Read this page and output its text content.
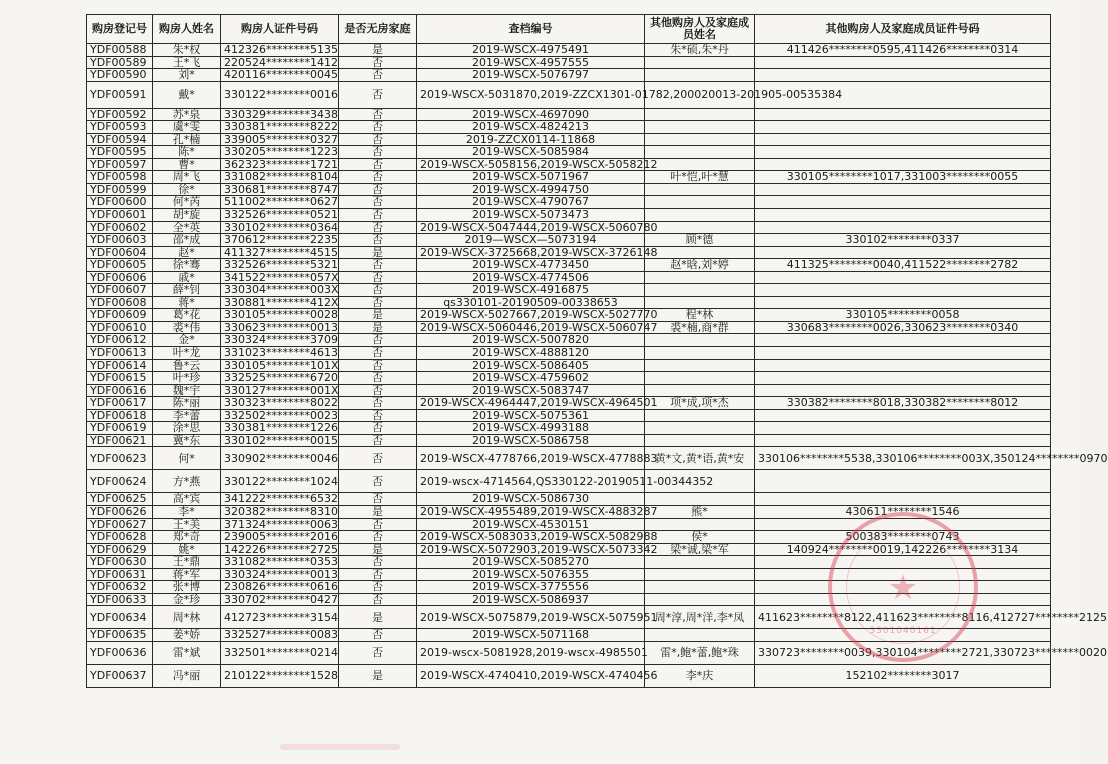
购房登记号	购房人姓名	购房人证件号码	是否无房家庭	查档编号	其他购房人及家庭成员姓名	其他购房人及家庭成员证件号码
YDF00588	朱*权	412326********5135	是	2019-WSCX-4975491	朱*硕,朱*丹	411426********0595,411426********0314
YDF00589	王*飞	220524********1412	否	2019-WSCX-4957555		
YDF00590	刘*	420116********0045	否	2019-WSCX-5076797		
YDF00591	戴*	330122********0016	否	2019-WSCX-5031870,2019-ZZCX1301-01782,200020013-201905-00535384		
YDF00592	苏*泉	330329********3438	否	2019-WSCX-4697090		
YDF00593	虞*雯	330381********8222	否	2019-WSCX-4824213		
YDF00594	孔*楠	339005********0327	否	2019-ZZCX0114-11868		
YDF00595	陈*	330205********1223	否	2019-WSCX-5085984		
YDF00597	曹*	362323********1721	否	2019-WSCX-5058156,2019-WSCX-5058212		
YDF00598	周*飞	331082********8104	否	2019-WSCX-5071967	叶*恺,叶*慧	330105********1017,331003********0055
YDF00599	徐*	330681********8747	否	2019-WSCX-4994750		
YDF00600	何*芮	511002********0627	否	2019-WSCX-4790767		
YDF00601	胡*旋	332526********0521	否	2019-WSCX-5073473		
YDF00602	全*英	330102********0364	否	2019-WSCX-5047444,2019-WSCX-5060780		
YDF00603	邵*成	370612********2235	否	2019—WSCX—5073194	顾*德	330102********0337
YDF00604	赵*	411327********4515	是	2019-WSCX-3725668,2019-WSCX-3726148		
YDF00605	徐*骞	332526********5321	否	2019-WSCX-4773450	赵*晗,刘*婷	411325********0040,411522********2782
YDF00606	戚*	341522********057X	否	2019-WSCX-4774506		
YDF00607	薛*钊	330304********003X	否	2019-WSCX-4916875		
YDF00608	蒋*	330881********412X	否	qs330101-20190509-00338653		
YDF00609	葛*花	330105********0028	是	2019-WSCX-5027667,2019-WSCX-5027770	程*林	330105********0058
YDF00610	裘*伟	330623********0013	是	2019-WSCX-5060446,2019-WSCX-5060747	裘*楠,商*群	330683********0026,330623********0340
YDF00612	金*	330324********3709	否	2019-WSCX-5007820		
YDF00613	叶*龙	331023********4613	否	2019-WSCX-4888120		
YDF00614	鲁*云	330105********101X	否	2019-WSCX-5086405		
YDF00615	叶*珍	332525********6720	否	2019-WSCX-4759602		
YDF00616	魏*宇	330127********001X	否	2019-WSCX-5083747		
YDF00617	陈*丽	330323********8022	否	2019-WSCX-4964447,2019-WSCX-4964501	项*成,项*杰	330382********8018,330382********8012
YDF00618	李*蕾	332502********0023	否	2019-WSCX-5075361		
YDF00619	涂*思	330381********1226	否	2019-WSCX-4993188		
YDF00621	冀*东	330102********0015	否	2019-WSCX-5086758		
YDF00623	何*	330902********0046	否	2019-WSCX-4778766,2019-WSCX-4778883	黄*文,黄*语,黄*安	330106********5538,330106********003X,350124********0970
YDF00624	方*燕	330122********1024	否	2019-wscx-4714564,QS330122-20190511-00344352		
YDF00625	高*宾	341222********6532	否	2019-WSCX-5086730		
YDF00626	李*	320382********8310	是	2019-WSCX-4955489,2019-WSCX-4883287	熊*	430611********1546
YDF00627	王*美	371324********0063	否	2019-WSCX-4530151		
YDF00628	郑*奇	239005********2016	否	2019-WSCX-5083033,2019-WSCX-5082988	侯*	500383********0743
YDF00629	姚*	142226********2725	是	2019-WSCX-5072903,2019-WSCX-5073342	梁*诚,梁*军	140924********0019,142226********3134
YDF00630	王*鼎	331082********0353	否	2019-WSCX-5085270		
YDF00631	蒋*军	330324********0013	否	2019-WSCX-5076355		
YDF00632	张*博	230826********0616	否	2019-WSCX-3775556		
YDF00633	金*珍	330702********0427	否	2019-WSCX-5086937		
YDF00634	周*林	412723********3154	是	2019-WSCX-5075879,2019-WSCX-5075951	周*淳,周*洋,李*凤	411623********8122,411623********8116,412727********2125
YDF00635	姜*娇	332527********0083	否	2019-WSCX-5071168		
YDF00636	雷*斌	332501********0214	否	2019-wscx-5081928,2019-wscx-4985501	雷*,鲍*蕾,鲍*珠	330723********0039,330104********2721,330723********0020
YDF00637	冯*丽	210122********1528	是	2019-WSCX-4740410,2019-WSCX-4740456	李*庆	152102********3017
★
3301040161
